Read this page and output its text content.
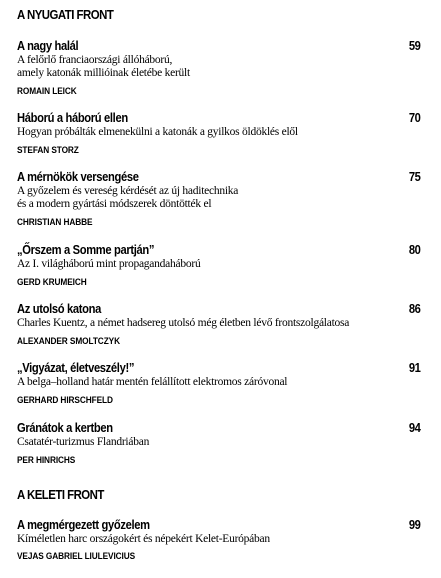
A NYUGATI FRONT
A nagy halál	59
A felőrlő franciaországi állóháború,
amely katonák millióinak életébe került
ROMAIN LEICK
Háború a háború ellen	70
Hogyan próbálták elmenekülni a katonák a gyilkos öldöklés elől
STEFAN STORZ
A mérnökök versengése	75
A győzelem és vereség kérdését az új haditechnika
és a modern gyártási módszerek döntötték el
CHRISTIAN HABBE
„Őrszem a Somme partján”	80
Az I. világháború mint propagandaháború
GERD KRUMEICH
Az utolsó katona	86
Charles Kuentz, a német hadsereg utolsó még életben lévő frontszolgálatosa
ALEXANDER SMOLTCZYK
„Vigyázat, életveszély!”	91
A belga–holland határ mentén felállított elektromos záróvonal
GERHARD HIRSCHFELD
Gránátok a kertben	94
Csatatér-turizmus Flandriában
PER HINRICHS
A KELETI FRONT
A megmérgezett győzelem	99
Kíméletlen harc országokért és népekért Kelet-Európában
VEJAS GABRIEL LIULEVICIUS
